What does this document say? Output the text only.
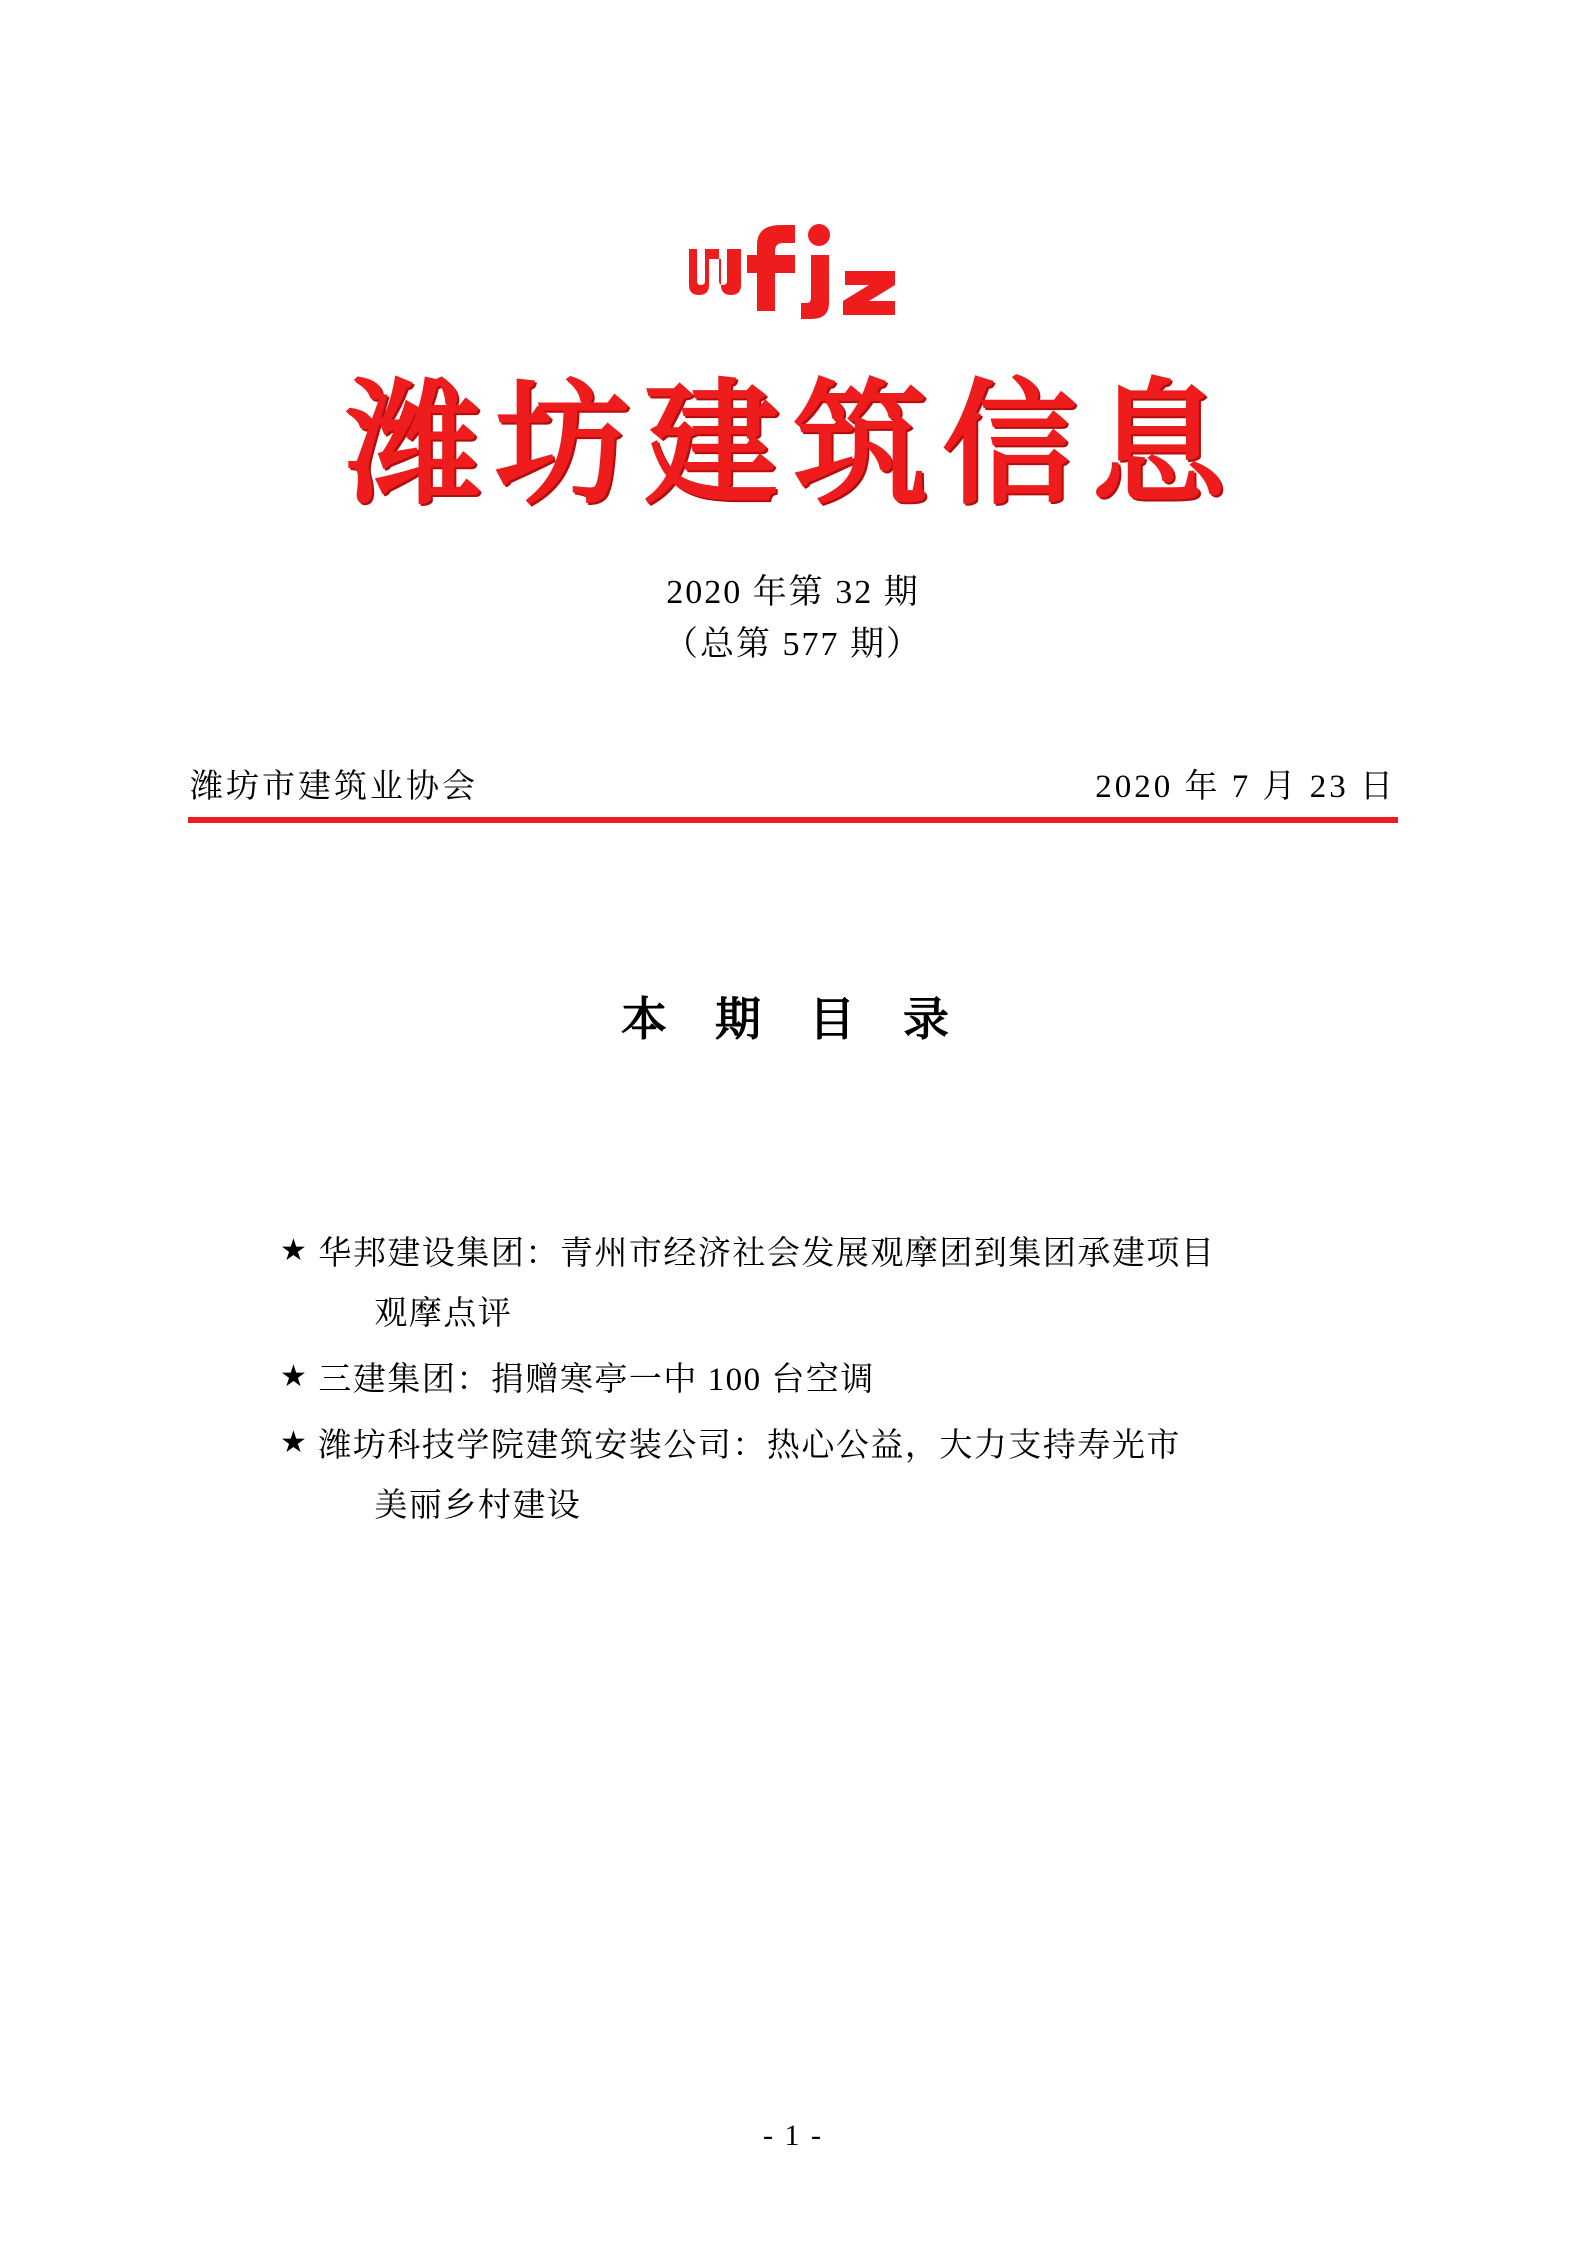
潍坊建筑信息
2020 年第 32 期
（总第 577 期）
潍坊市建筑业协会	2020 年 7 月 23 日
本 期 目 录
★ 华邦建设集团：青州市经济社会发展观摩团到集团承建项目
观摩点评
★ 三建集团：捐赠寒亭一中 100 台空调
★ 潍坊科技学院建筑安装公司：热心公益，大力支持寿光市
美丽乡村建设
- 1 -
